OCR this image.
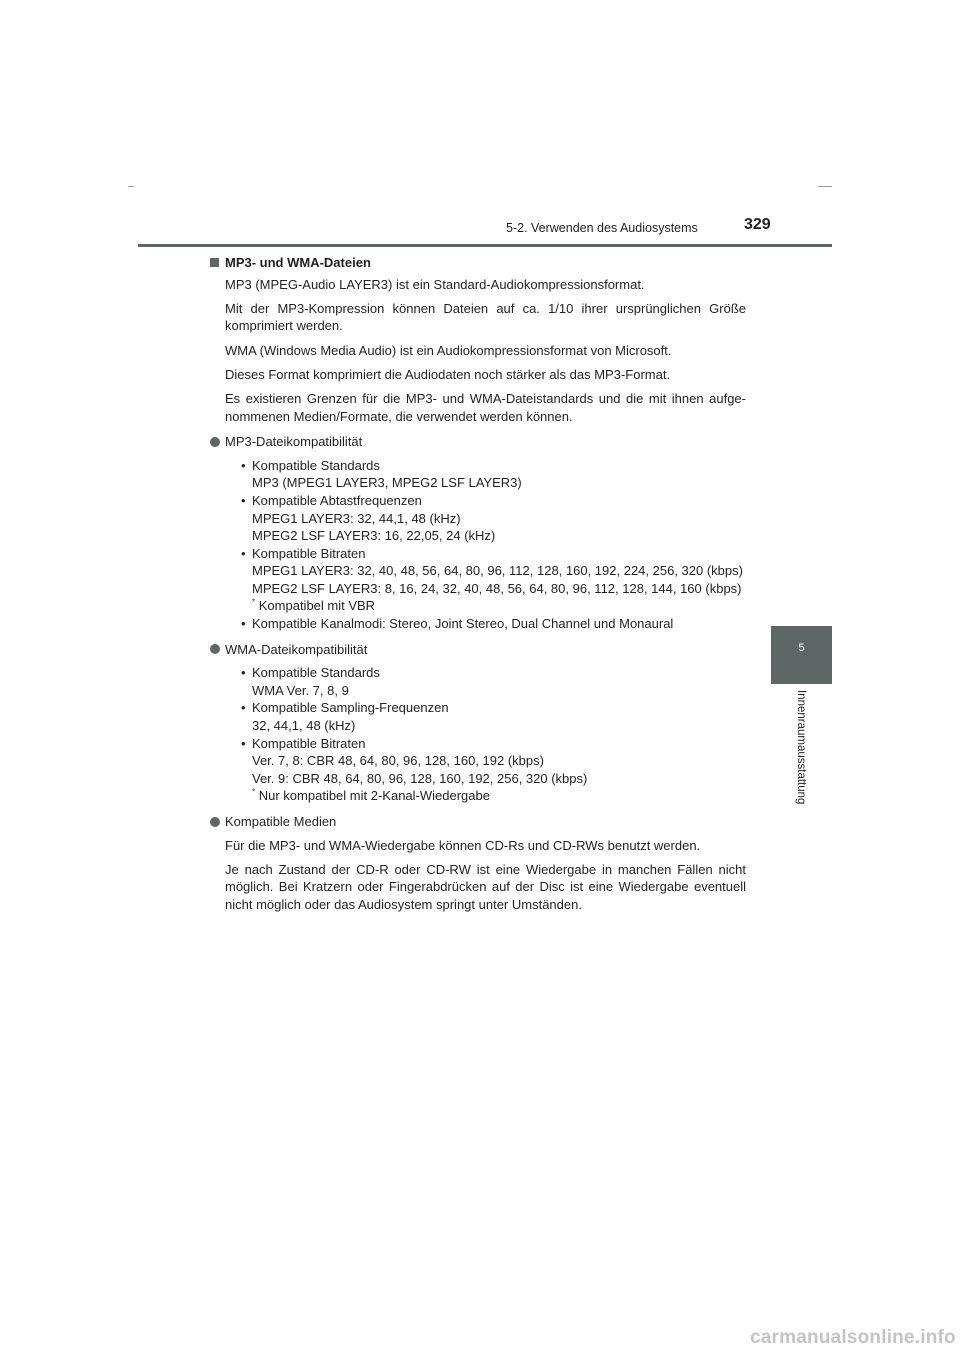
5-2. Verwenden des Audiosystems	329
5
Innenraumausstattung
MP3- und WMA-Dateien

MP3 (MPEG-Audio LAYER3) ist ein Standard-Audiokompressionsformat.

Mit der MP3-Kompression können Dateien auf ca. 1/10 ihrer ursprünglichen Größe komprimiert werden.

WMA (Windows Media Audio) ist ein Audiokompressionsformat von Microsoft.

Dieses Format komprimiert die Audiodaten noch stärker als das MP3-Format.

Es existieren Grenzen für die MP3- und WMA-Dateistandards und die mit ihnen aufge-nommenen Medien/Formate, die verwendet werden können.

MP3-Dateikompatibilität

• Kompatible Standards

MP3 (MPEG1 LAYER3, MPEG2 LSF LAYER3)

• Kompatible Abtastfrequenzen

MPEG1 LAYER3: 32, 44,1, 48 (kHz)

MPEG2 LSF LAYER3: 16, 22,05, 24 (kHz)

• Kompatible Bitraten

MPEG1 LAYER3: 32, 40, 48, 56, 64, 80, 96, 112, 128, 160, 192, 224, 256, 320 (kbps)

MPEG2 LSF LAYER3: 8, 16, 24, 32, 40, 48, 56, 64, 80, 96, 112, 128, 144, 160 (kbps)

* Kompatibel mit VBR

• Kompatible Kanalmodi: Stereo, Joint Stereo, Dual Channel und Monaural

WMA-Dateikompatibilität

• Kompatible Standards

WMA Ver. 7, 8, 9

• Kompatible Sampling-Frequenzen

32, 44,1, 48 (kHz)

• Kompatible Bitraten

Ver. 7, 8: CBR 48, 64, 80, 96, 128, 160, 192 (kbps)

Ver. 9: CBR 48, 64, 80, 96, 128, 160, 192, 256, 320 (kbps)

* Nur kompatibel mit 2-Kanal-Wiedergabe

Kompatible Medien

Für die MP3- und WMA-Wiedergabe können CD-Rs und CD-RWs benutzt werden.

Je nach Zustand der CD-R oder CD-RW ist eine Wiedergabe in manchen Fällen nicht möglich. Bei Kratzern oder Fingerabdrücken auf der Disc ist eine Wiedergabe eventuell nicht möglich oder das Audiosystem springt unter Umständen.

carmanualsonline.info
